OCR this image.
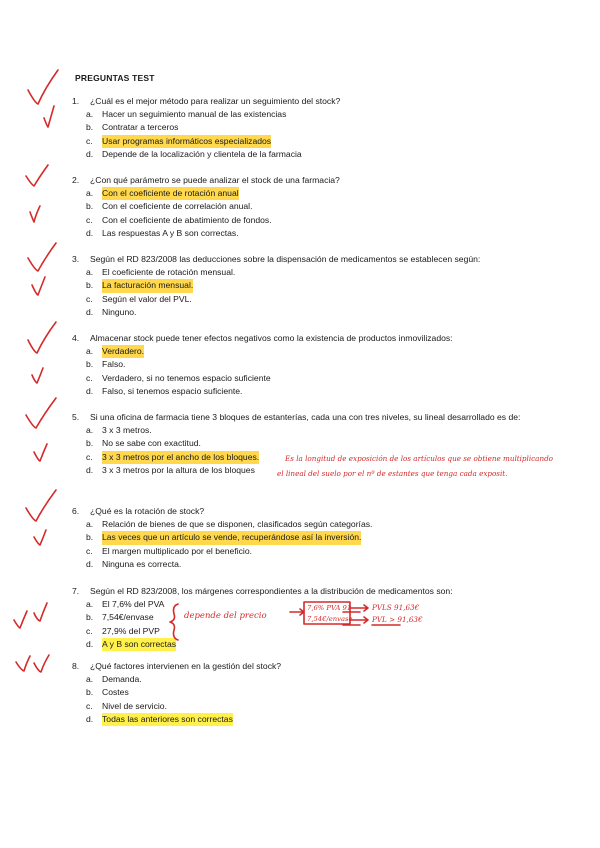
PREGUNTAS TEST
1.	¿Cuál es el mejor método para realizar un seguimiento del stock?
a.	Hacer un seguimiento manual de las existencias
b.	Contratar a terceros
c.	Usar programas informáticos especializados
d.	Depende de la localización y clientela de la farmacia
2.	¿Con qué parámetro se puede analizar el stock de una farmacia?
a.	Con el coeficiente de rotación anual
b.	Con el coeficiente de correlación anual.
c.	Con el coeficiente de abatimiento de fondos.
d.	Las respuestas A y B son correctas.
3.	Según el RD 823/2008 las deducciones sobre la dispensación de medicamentos se establecen según:
a.	El coeficiente de rotación mensual.
b.	La facturación mensual.
c.	Según el valor del PVL.
d.	Ninguno.
4.	Almacenar stock puede tener efectos negativos como la existencia de productos inmovilizados:
a.	Verdadero.
b.	Falso.
c.	Verdadero, si no tenemos espacio suficiente
d.	Falso, si tenemos espacio suficiente.
5.	Si una oficina de farmacia tiene 3 bloques de estanterías, cada una con tres niveles, su lineal desarrollado es de:
a.	3 x 3 metros.
b.	No se sabe con exactitud.
c.	3 x 3 metros por el ancho de los bloques.
d.	3 x 3 metros por la altura de los bloques
6.	¿Qué es la rotación de stock?
a.	Relación de bienes de que se disponen, clasificados según categorías.
b.	Las veces que un artículo se vende, recuperándose así la inversión.
c.	El margen multiplicado por el beneficio.
d.	Ninguna es correcta.
7.	Según el RD 823/2008, los márgenes correspondientes a la distribución de medicamentos son:
a.	El 7,6% del PVA
b.	7,54€/envase
c.	27,9% del PVP
d.	A y B son correctas
8.	¿Qué factores intervienen en la gestión del stock?
a.	Demanda.
b.	Costes
c.	Nivel de servicio.
d.	Todas las anteriores son correctas
Es la longitud de exposición de los artículos que se obtiene multiplicando
el lineal del suelo por el nº de estantes que tenga cada exposit.
depende del precio
7,6% PVA 91
7,54€/envase
PVLS 91,63€
PVL > 91,63€
